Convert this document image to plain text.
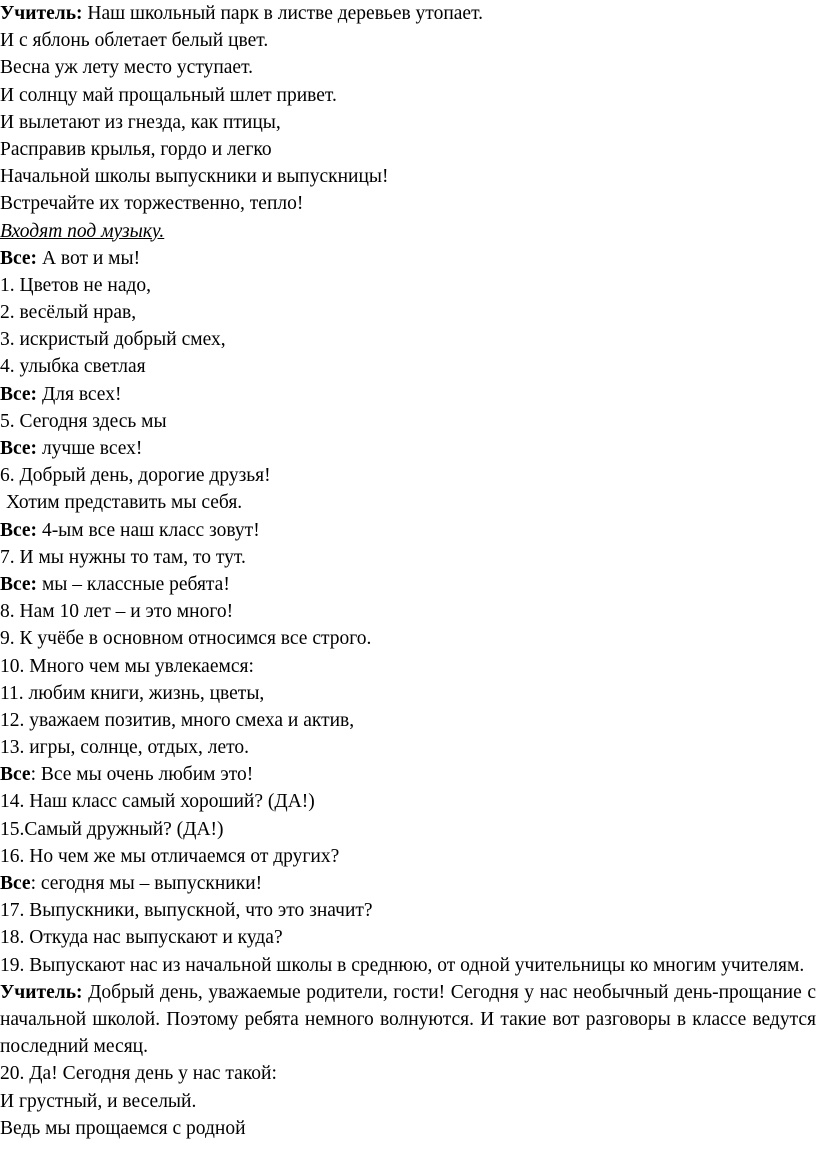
Учитель: Наш школьный парк в листве деревьев утопает.
И с яблонь облетает белый цвет.
Весна уж лету место уступает.
И солнцу май прощальный шлет привет.
И вылетают из гнезда, как птицы,
Расправив крылья, гордо и легко
Начальной школы выпускники и выпускницы!
Встречайте их торжественно, тепло!
Входят под музыку.
Все: А вот и мы!
1. Цветов не надо,
2. весёлый нрав,
3. искристый добрый смех,
4. улыбка светлая
Все: Для всех!
5. Сегодня здесь мы
Все: лучше всех!
6. Добрый день, дорогие друзья!
Хотим представить мы себя.
Все: 4-ым все наш класс зовут!
7. И мы нужны то там, то тут.
Все: мы – классные ребята!
8. Нам 10 лет – и это много!
9. К учёбе в основном относимся все строго.
10. Много чем мы увлекаемся:
11. любим книги, жизнь, цветы,
12. уважаем позитив, много смеха и актив,
13. игры, солнце, отдых, лето.
Все: Все мы очень любим это!
14. Наш класс самый хороший? (ДА!)
15.Самый дружный? (ДА!)
16. Но чем же мы отличаемся от других?
Все: сегодня мы – выпускники!
17. Выпускники, выпускной, что это значит?
18. Откуда нас выпускают и куда?
19. Выпускают нас из начальной школы в среднюю, от одной учительницы ко многим учителям.
Учитель: Добрый день, уважаемые родители, гости! Сегодня у нас необычный день-прощание с начальной школой. Поэтому ребята немного волнуются. И такие вот разговоры в классе ведутся последний месяц.
20. Да! Сегодня день у нас такой:
И грустный, и веселый.
Ведь мы прощаемся с родной
